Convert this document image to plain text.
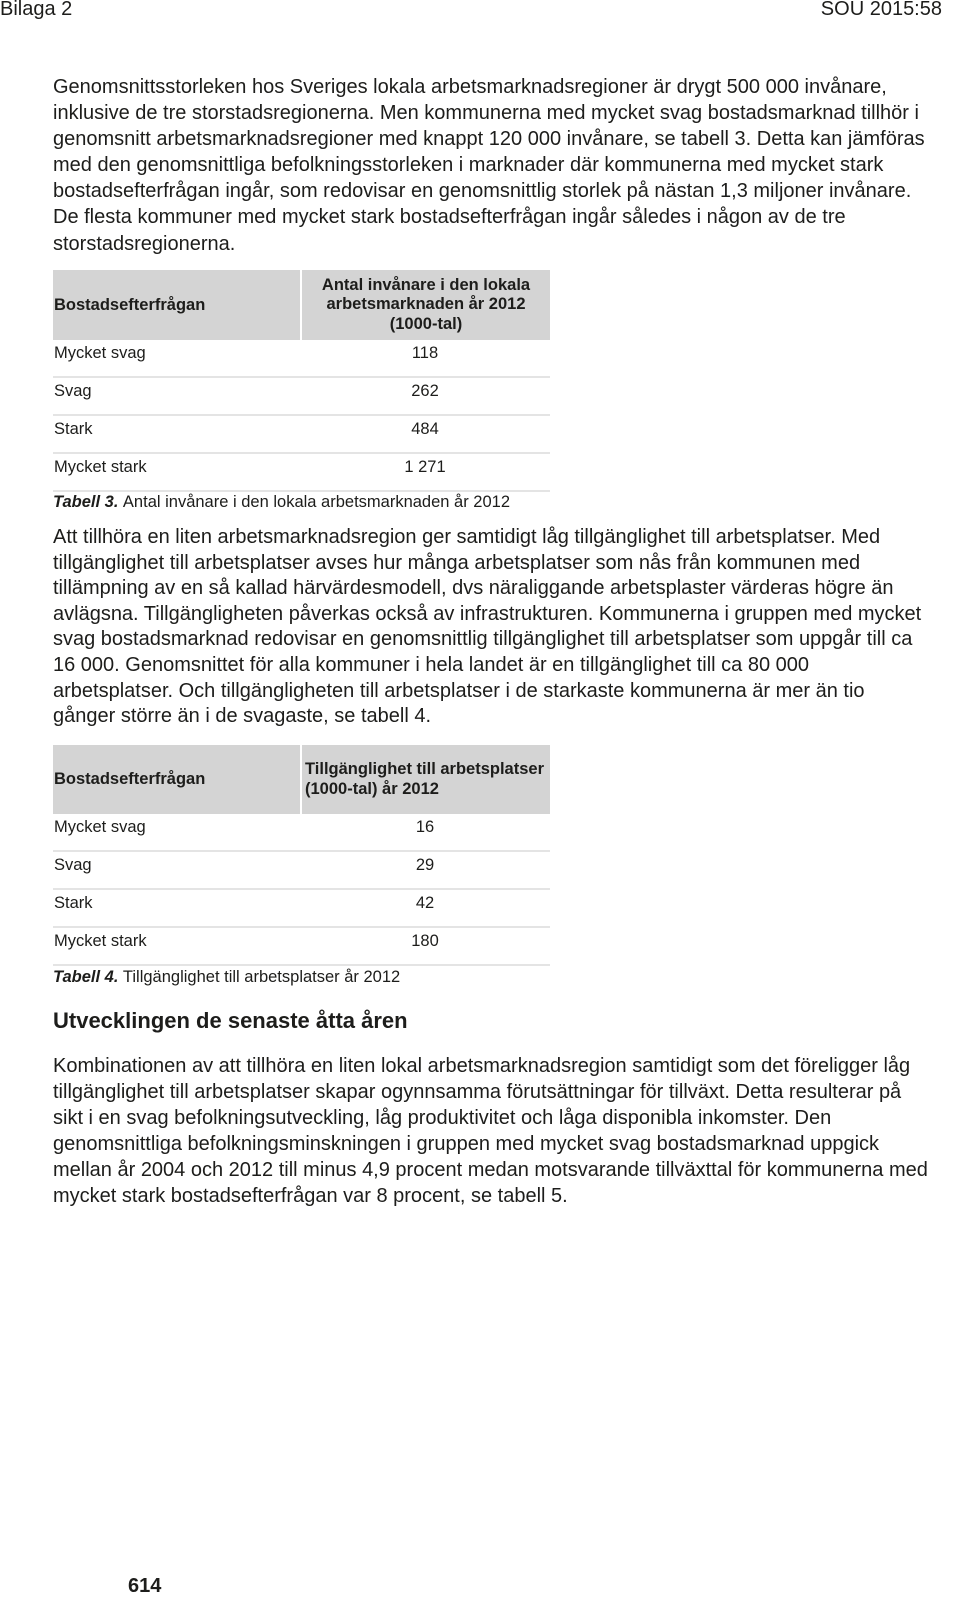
Bilaga 2	SOU 2015:58

Genomsnittsstorleken hos Sveriges lokala arbetsmarknadsregioner är drygt 500 000 invånare,
inklusive de tre storstadsregionerna. Men kommunerna med mycket svag bostadsmarknad tillhör i
genomsnitt arbetsmarknadsregioner med knappt 120 000 invånare, se tabell 3. Detta kan jämföras
med den genomsnittliga befolkningsstorleken i marknader där kommunerna med mycket stark
bostadsefterfrågan ingår, som redovisar en genomsnittlig storlek på nästan 1,3 miljoner invånare.
De flesta kommuner med mycket stark bostadsefterfrågan ingår således i någon av de tre
storstadsregionerna.

Bostadsefterfrågan
Antal invånare i den lokala
arbetsmarknaden år 2012
(1000-tal)
Mycket svag	118
Svag	262
Stark	484
Mycket stark	1 271
Tabell 3. Antal invånare i den lokala arbetsmarknaden år 2012

Att tillhöra en liten arbetsmarknadsregion ger samtidigt låg tillgänglighet till arbetsplatser. Med
tillgänglighet till arbetsplatser avses hur många arbetsplatser som nås från kommunen med
tillämpning av en så kallad härvärdesmodell, dvs näraliggande arbetsplaster värderas högre än
avlägsna. Tillgängligheten påverkas också av infrastrukturen. Kommunerna i gruppen med mycket
svag bostadsmarknad redovisar en genomsnittlig tillgänglighet till arbetsplatser som uppgår till ca
16 000. Genomsnittet för alla kommuner i hela landet är en tillgänglighet till ca 80 000
arbetsplatser. Och tillgängligheten till arbetsplatser i de starkaste kommunerna är mer än tio
gånger större än i de svagaste, se tabell 4.

Bostadsefterfrågan
Tillgänglighet till arbetsplatser
(1000-tal) år 2012
Mycket svag	16
Svag	29
Stark	42
Mycket stark	180
Tabell 4. Tillgänglighet till arbetsplatser år 2012
Utvecklingen de senaste åtta åren

Kombinationen av att tillhöra en liten lokal arbetsmarknadsregion samtidigt som det föreligger låg
tillgänglighet till arbetsplatser skapar ogynnsamma förutsättningar för tillväxt. Detta resulterar på
sikt i en svag befolkningsutveckling, låg produktivitet och låga disponibla inkomster. Den
genomsnittliga befolkningsminskningen i gruppen med mycket svag bostadsmarknad uppgick
mellan år 2004 och 2012 till minus 4,9 procent medan motsvarande tillväxttal för kommunerna med
mycket stark bostadsefterfrågan var 8 procent, se tabell 5.

614
